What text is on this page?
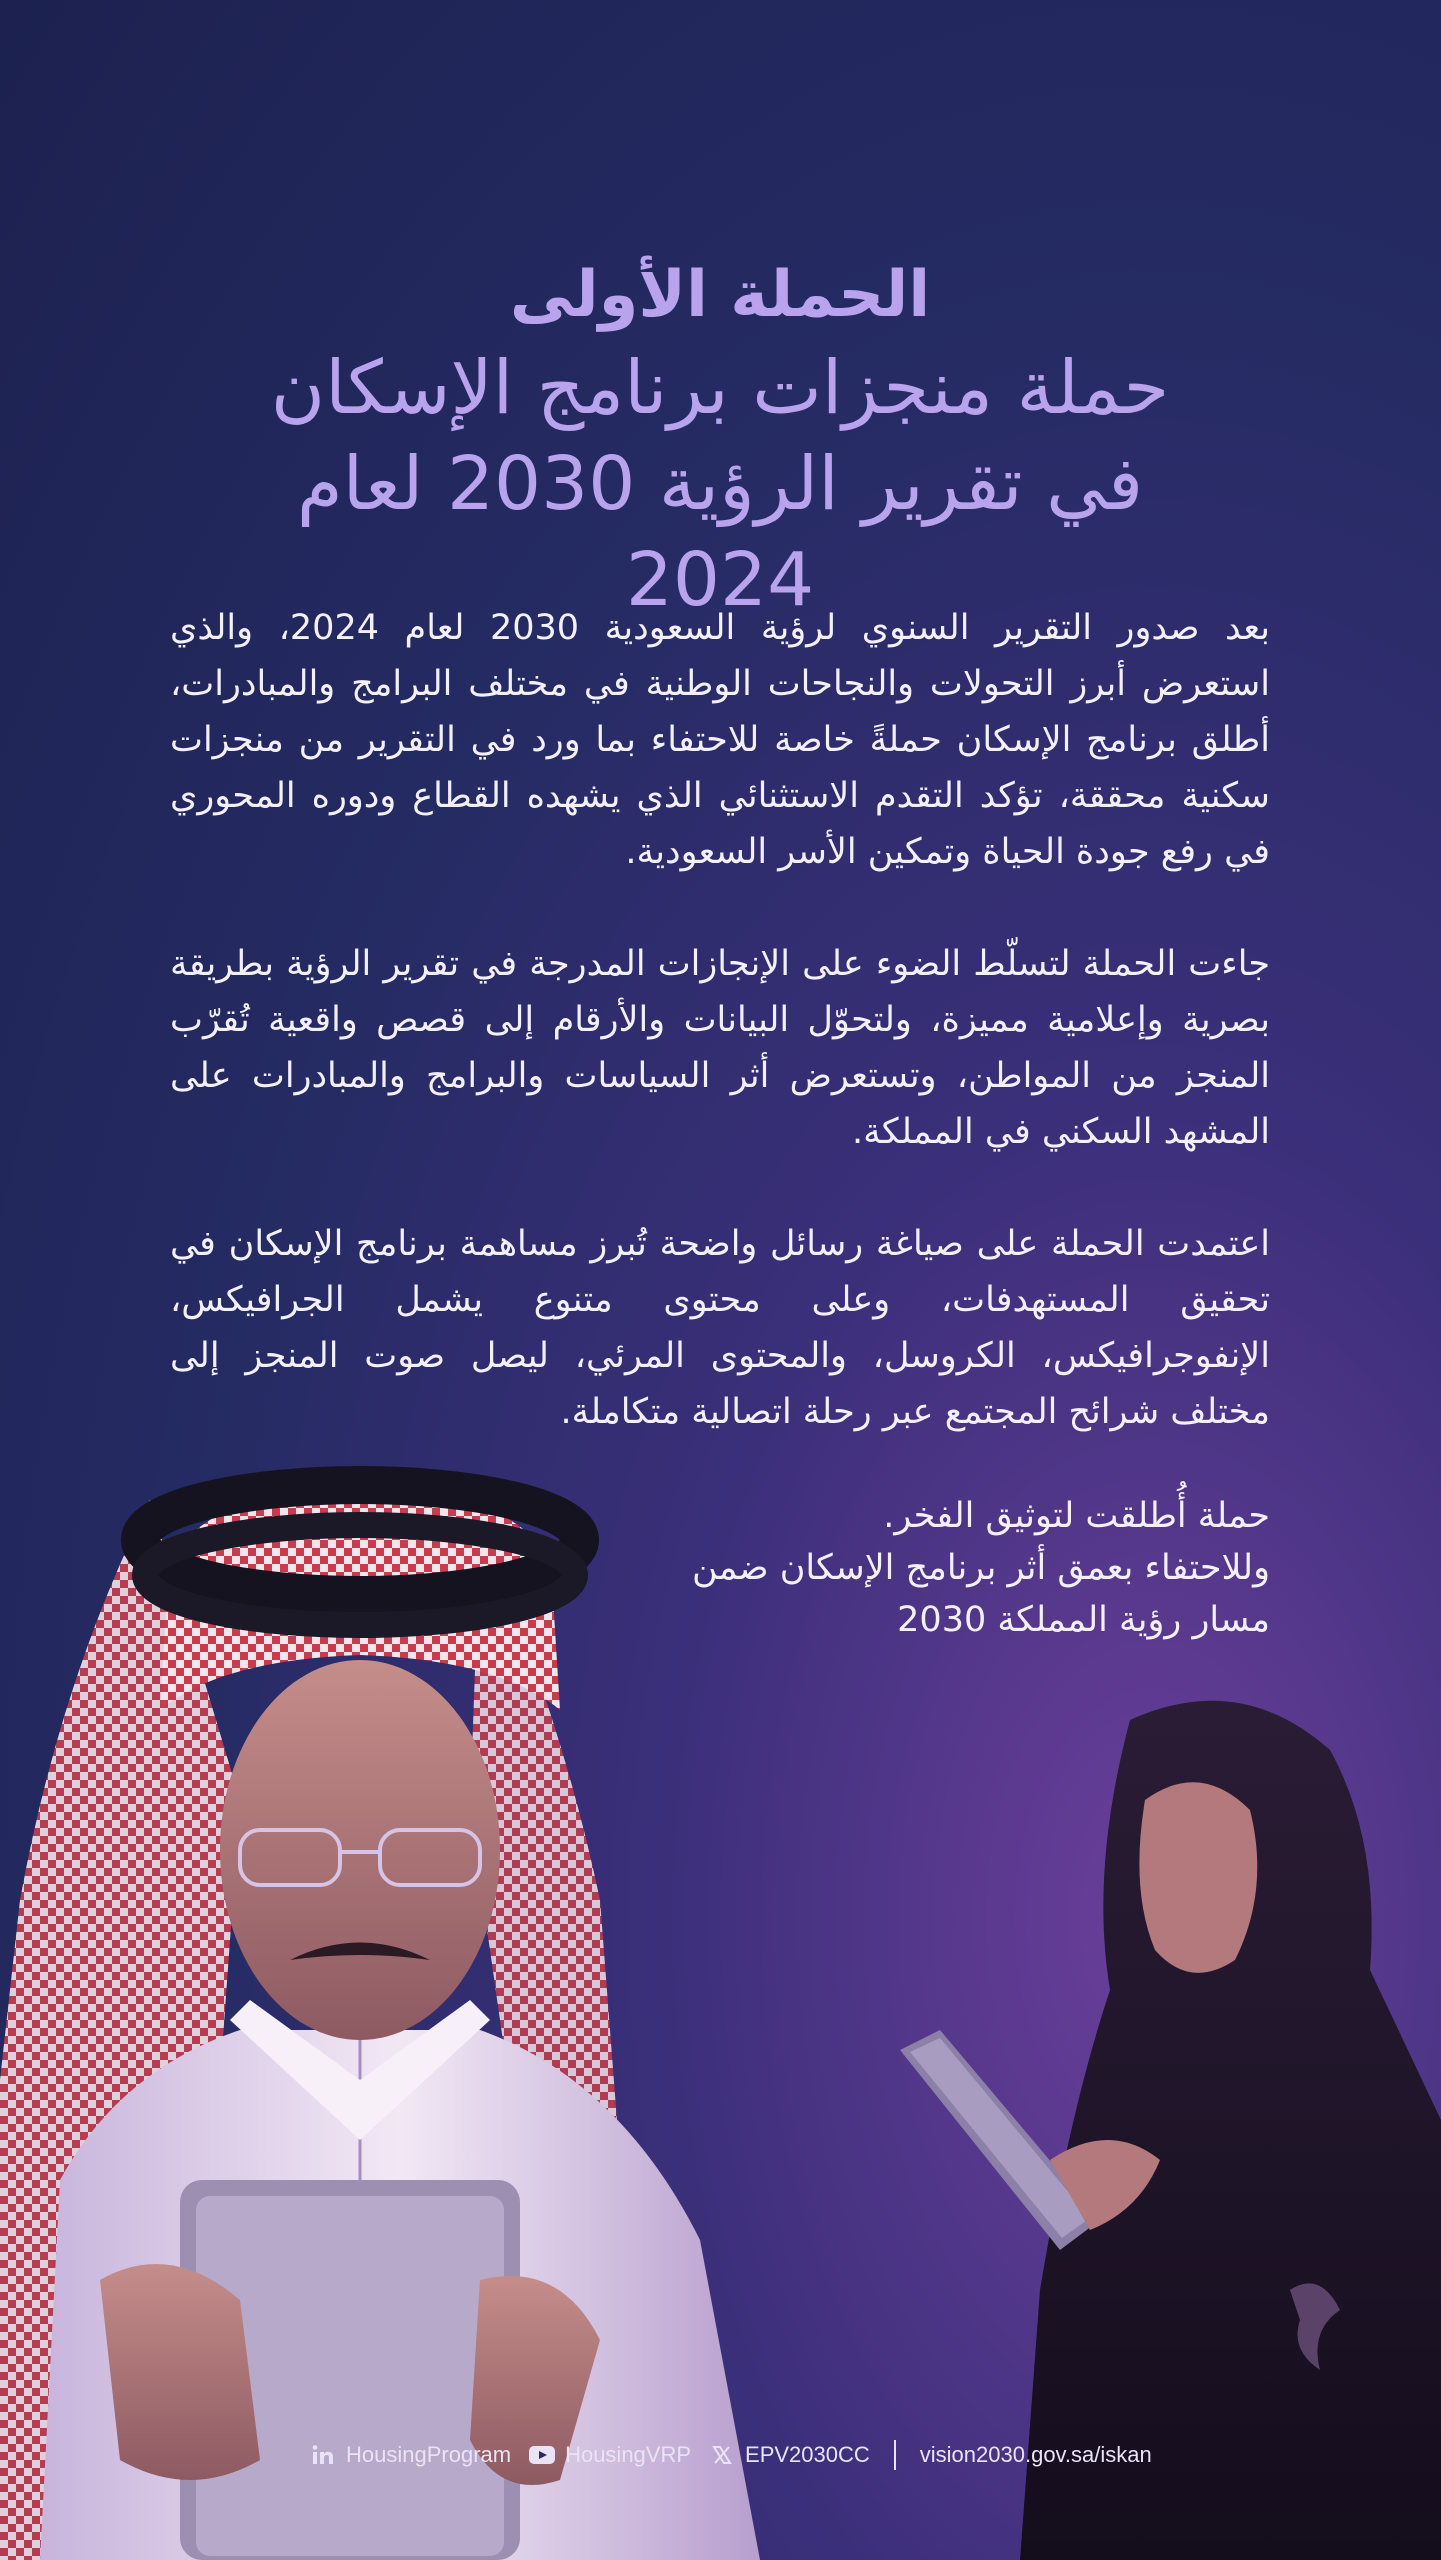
الحملة الأولى
حملة منجزات برنامج الإسكان
في تقرير الرؤية 2030 لعام 2024

بعد صدور التقرير السنوي لرؤية السعودية 2030 لعام 2024، والذي استعرض أبرز التحولات والنجاحات الوطنية في مختلف البرامج والمبادرات، أطلق برنامج الإسكان حملةً خاصة للاحتفاء بما ورد في التقرير من منجزات سكنية محققة، تؤكد التقدم الاستثنائي الذي يشهده القطاع ودوره المحوري في رفع جودة الحياة وتمكين الأسر السعودية.

جاءت الحملة لتسلّط الضوء على الإنجازات المدرجة في تقرير الرؤية بطريقة بصرية وإعلامية مميزة، ولتحوّل البيانات والأرقام إلى قصص واقعية تُقرّب المنجز من المواطن، وتستعرض أثر السياسات والبرامج والمبادرات على المشهد السكني في المملكة.

اعتمدت الحملة على صياغة رسائل واضحة تُبرز مساهمة برنامج الإسكان في تحقيق المستهدفات، وعلى محتوى متنوع يشمل الجرافيكس، الإنفوجرافيكس، الكروسل، والمحتوى المرئي، ليصل صوت المنجز إلى مختلف شرائح المجتمع عبر رحلة اتصالية متكاملة.

حملة أُطلقت لتوثيق الفخر.
وللاحتفاء بعمق أثر برنامج الإسكان ضمن
مسار رؤية المملكة 2030
HousingProgram HousingVRP EPV2030CC vision2030.gov.sa/iskan
